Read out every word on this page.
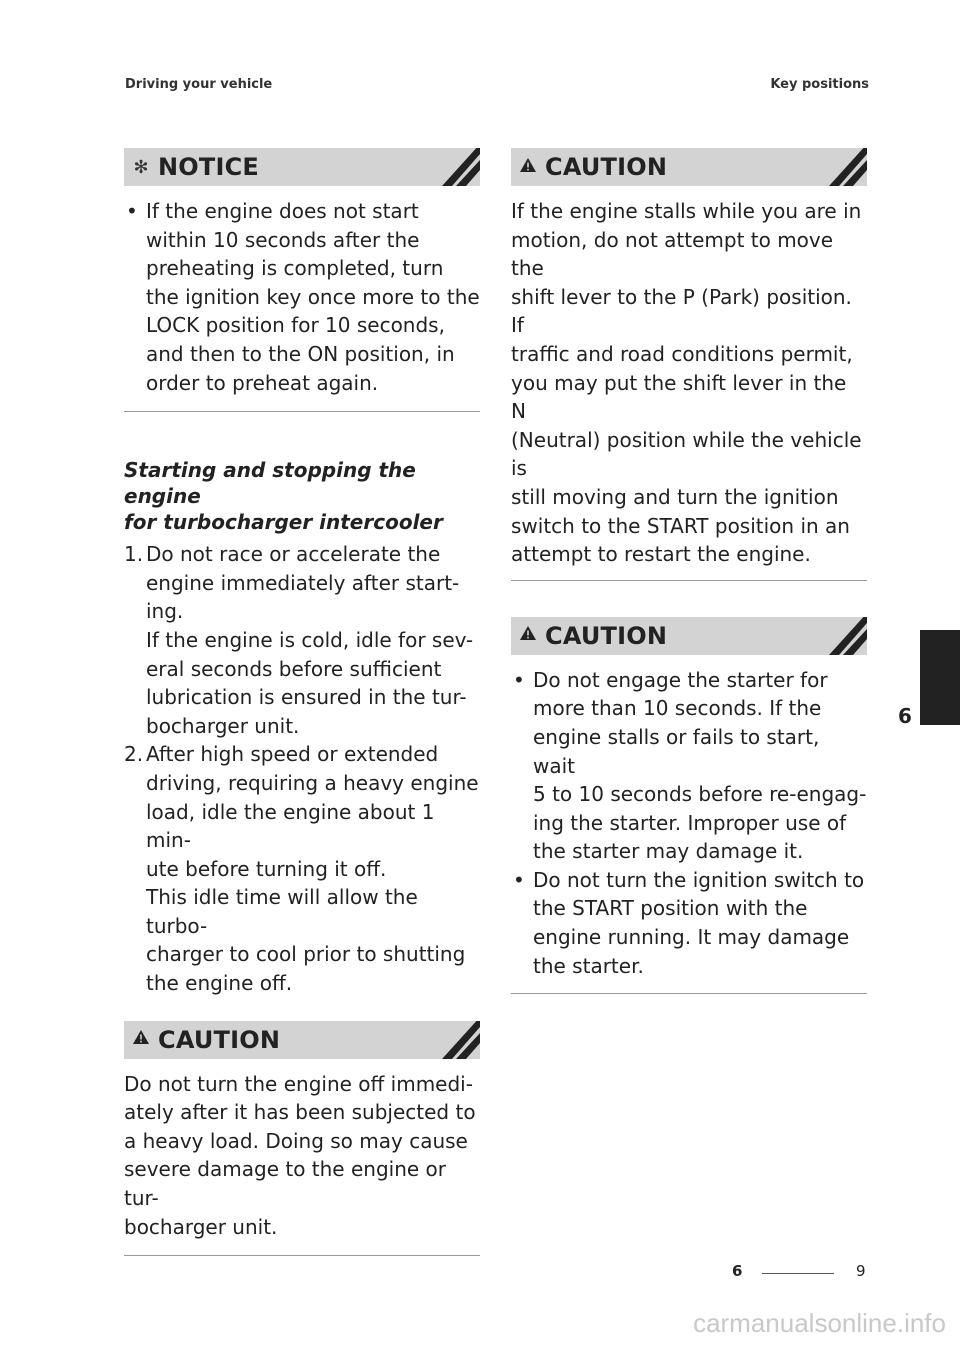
Driving your vehicle	Key positions
✻ NOTICE
• If the engine does not start within 10 seconds after the preheating is completed, turn the ignition key once more to the LOCK position for 10 seconds, and then to the ON position, in order to preheat again.

Starting and stopping the engine
for turbocharger intercooler

1. Do not race or accelerate the
engine immediately after start-
ing.
If the engine is cold, idle for sev-
eral seconds before sufficient
lubrication is ensured in the tur-
bocharger unit.
2. After high speed or extended
driving, requiring a heavy engine
load, idle the engine about 1 min-
ute before turning it off.
This idle time will allow the turbo-
charger to cool prior to shutting
the engine off.
CAUTION

Do not turn the engine off immedi-
ately after it has been subjected to
a heavy load. Doing so may cause
severe damage to the engine or tur-
bocharger unit.

CAUTION

If the engine stalls while you are in
motion, do not attempt to move the
shift lever to the P (Park) position. If
traffic and road conditions permit,
you may put the shift lever in the N
(Neutral) position while the vehicle is
still moving and turn the ignition
switch to the START position in an
attempt to restart the engine.

CAUTION
• Do not engage the starter for
more than 10 seconds. If the
engine stalls or fails to start, wait
5 to 10 seconds before re-engag-
ing the starter. Improper use of
the starter may damage it.
• Do not turn the ignition switch to
the START position with the
engine running. It may damage
the starter.
6
6	9
carmanualsonline.info
